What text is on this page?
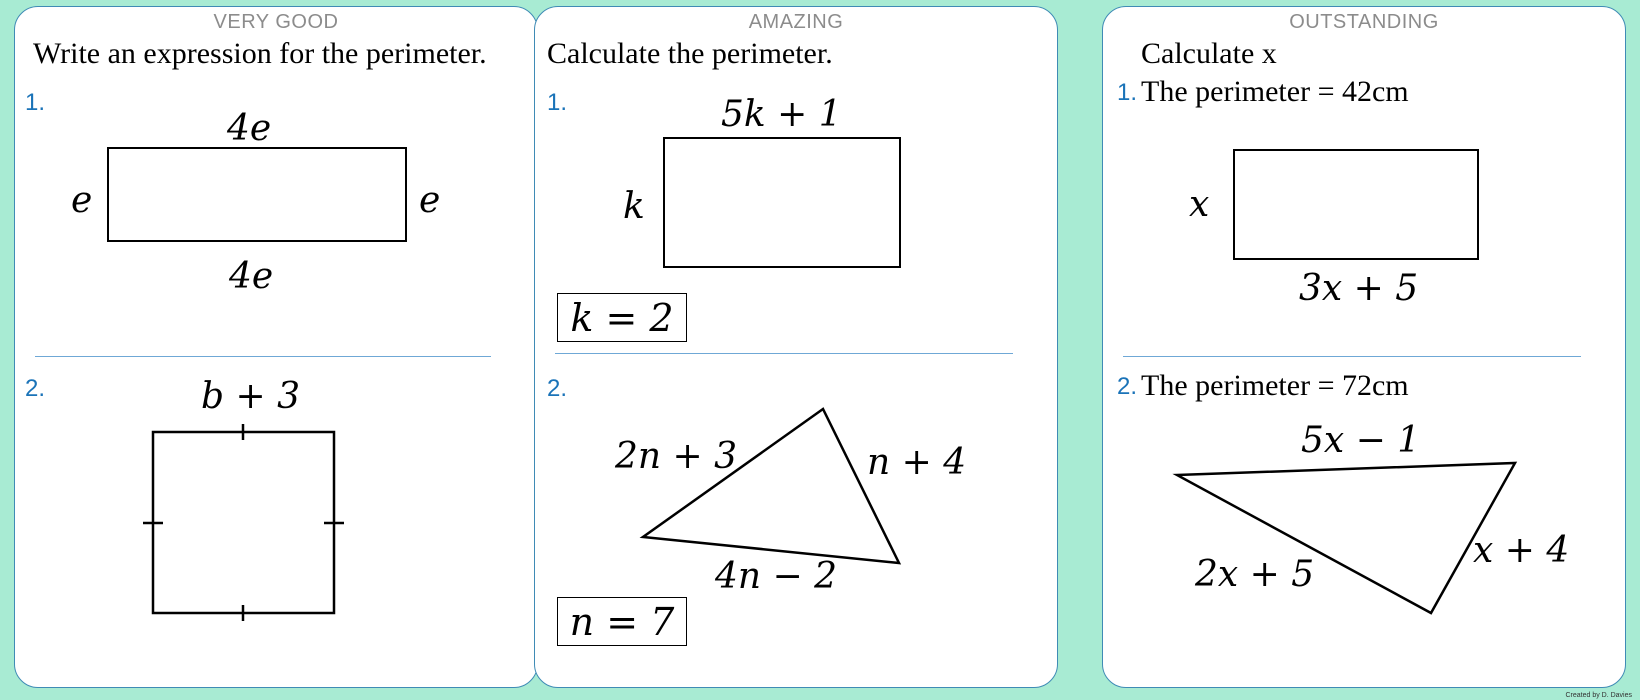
VERY GOOD
Write an expression for the perimeter.
1.
4e
e	e
4e
2.	b + 3
AMAZING
Calculate the perimeter.
1.	5k + 1
k
k = 2
2.
2n + 3	n + 4
4n − 2
n = 7
OUTSTANDING
Calculate x
1. The perimeter = 42cm
x
3x + 5
2. The perimeter = 72cm
5x − 1
2x + 5
x + 4
Created by D. Davies
